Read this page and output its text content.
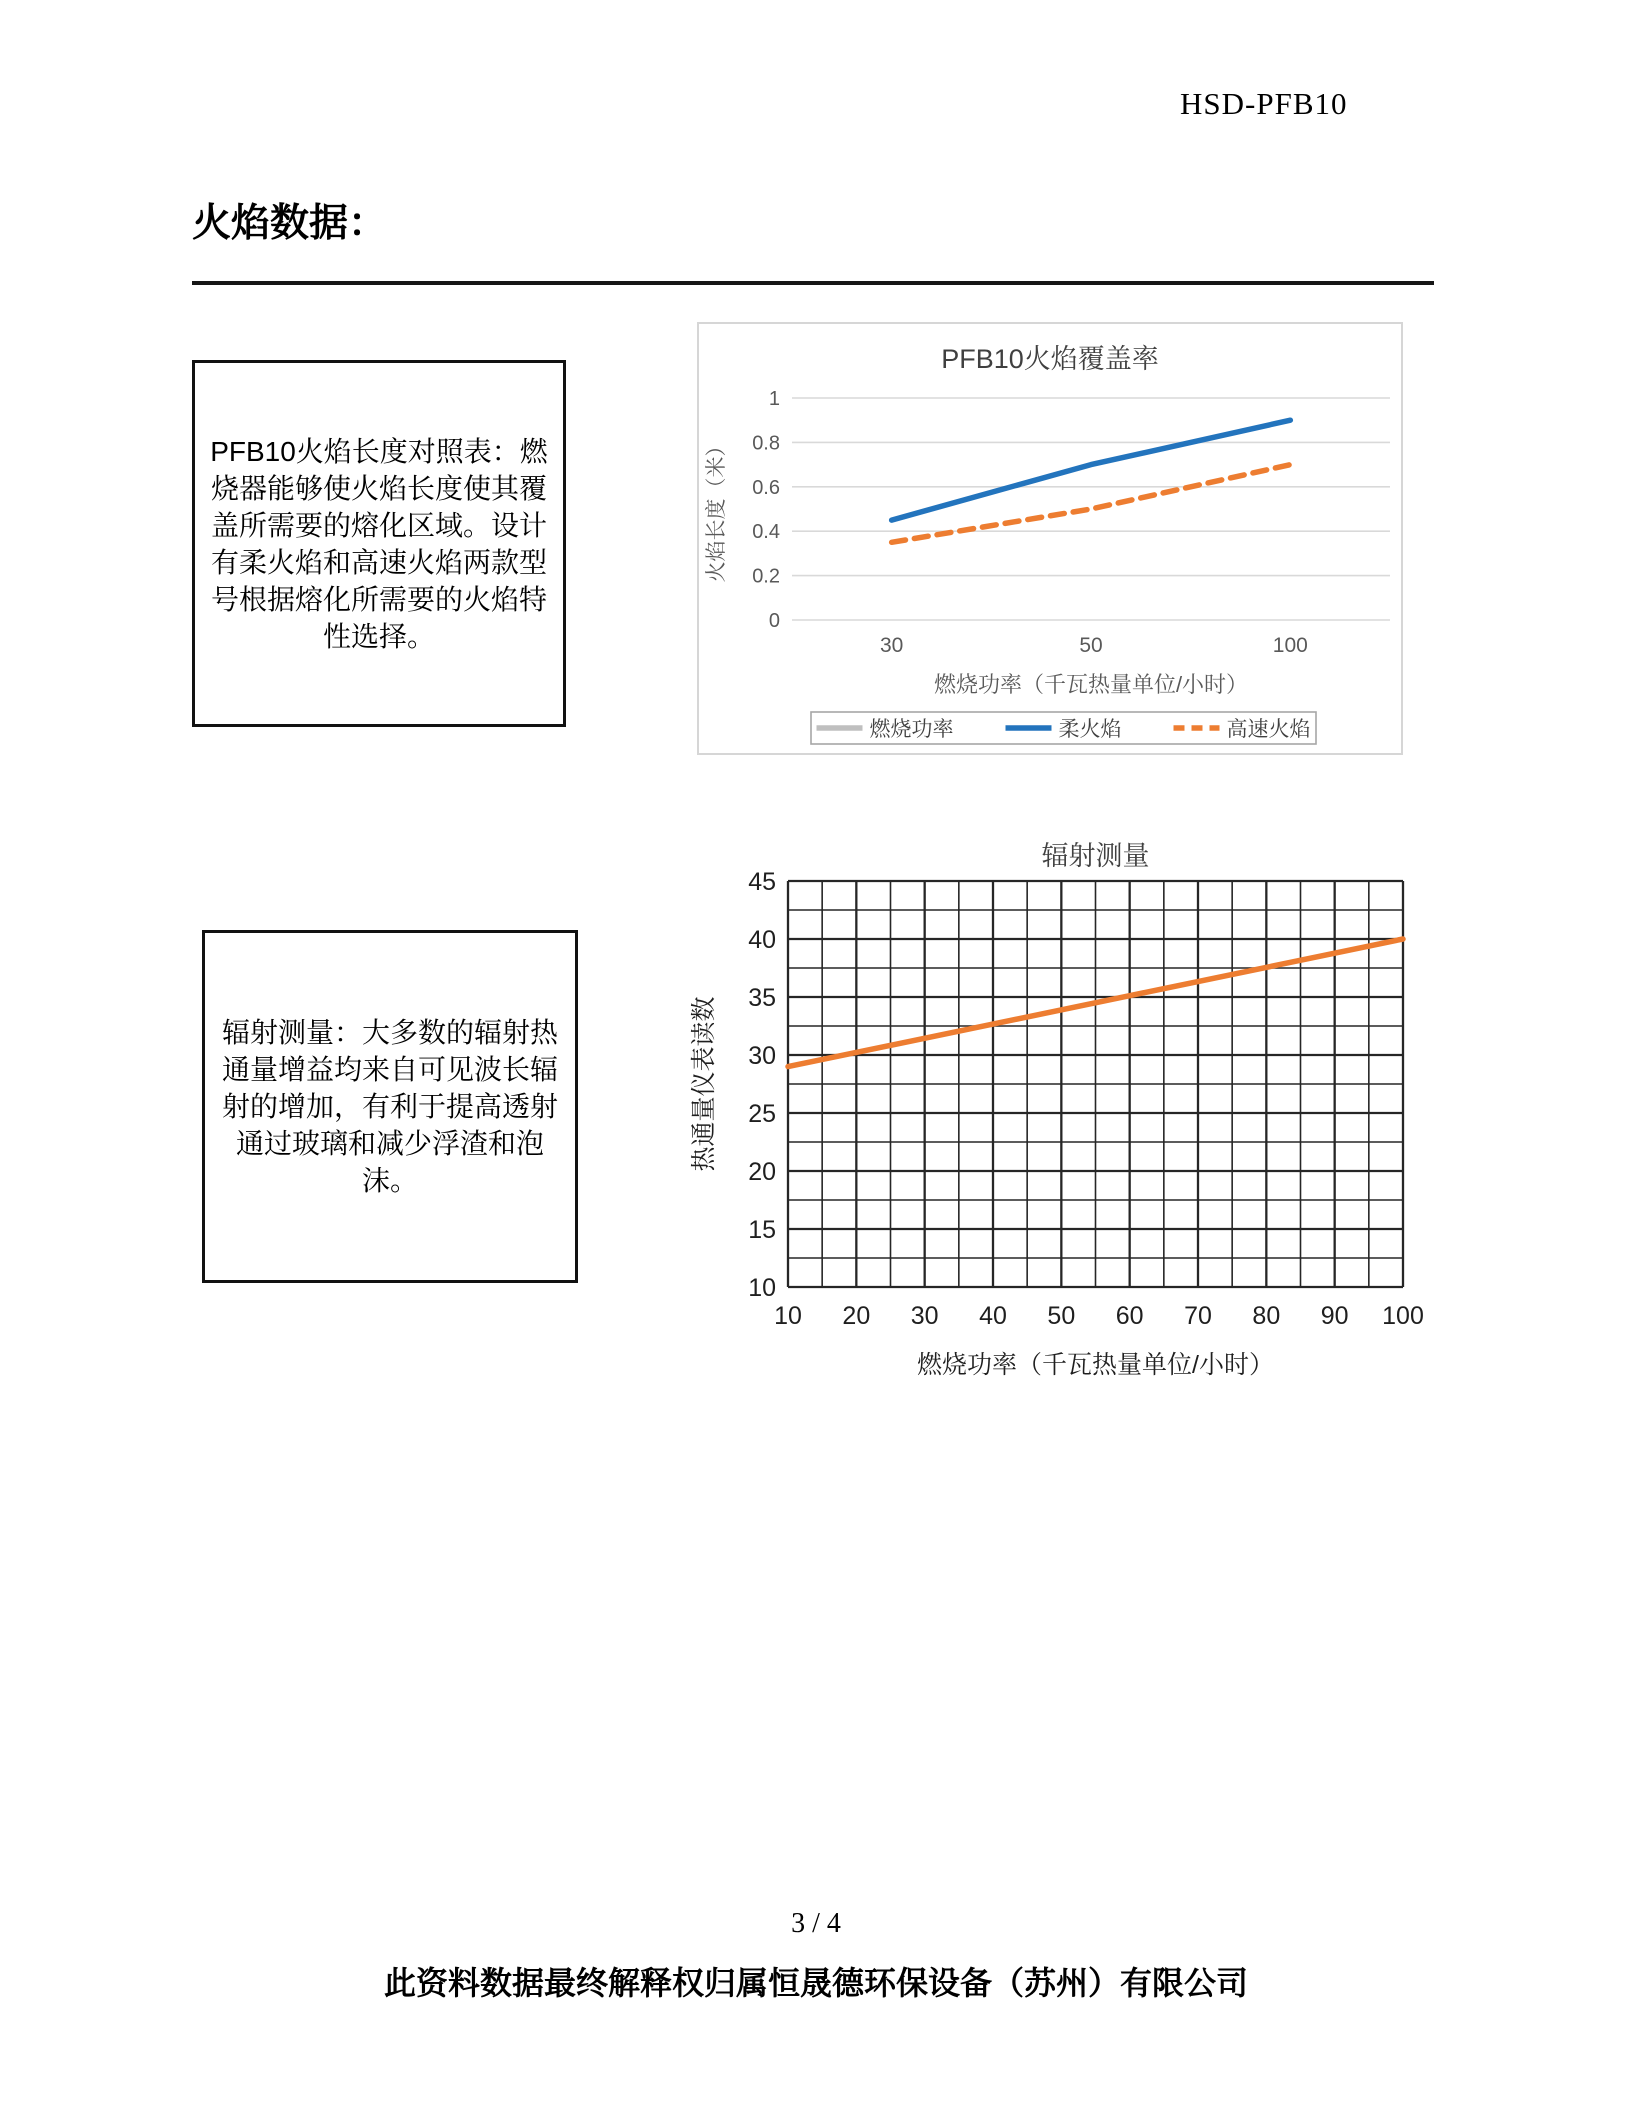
HSD-PFB10
火焰数据：

PFB10火焰长度对照表：燃烧器能够使火焰长度使其覆盖所需要的熔化区域。设计有柔火焰和高速火焰两款型号根据熔化所需要的火焰特性选择。

PFB10火焰覆盖率
0
0.2
0.4
0.6
0.8
1
30	50	100
火焰长度（米）
燃烧功率（千瓦热量单位/小时）
燃烧功率	柔火焰	高速火焰

辐射测量：大多数的辐射热通量增益均来自可见波长辐射的增加，有利于提高透射通过玻璃和减少浮渣和泡沫。

辐射测量
10
15
20
25
30
35
40
45
10 20 30 40 50 60 70 80 90 100
热通量仪表读数
燃烧功率（千瓦热量单位/小时）
3 / 4
此资料数据最终解释权归属恒晟德环保设备（苏州）有限公司
